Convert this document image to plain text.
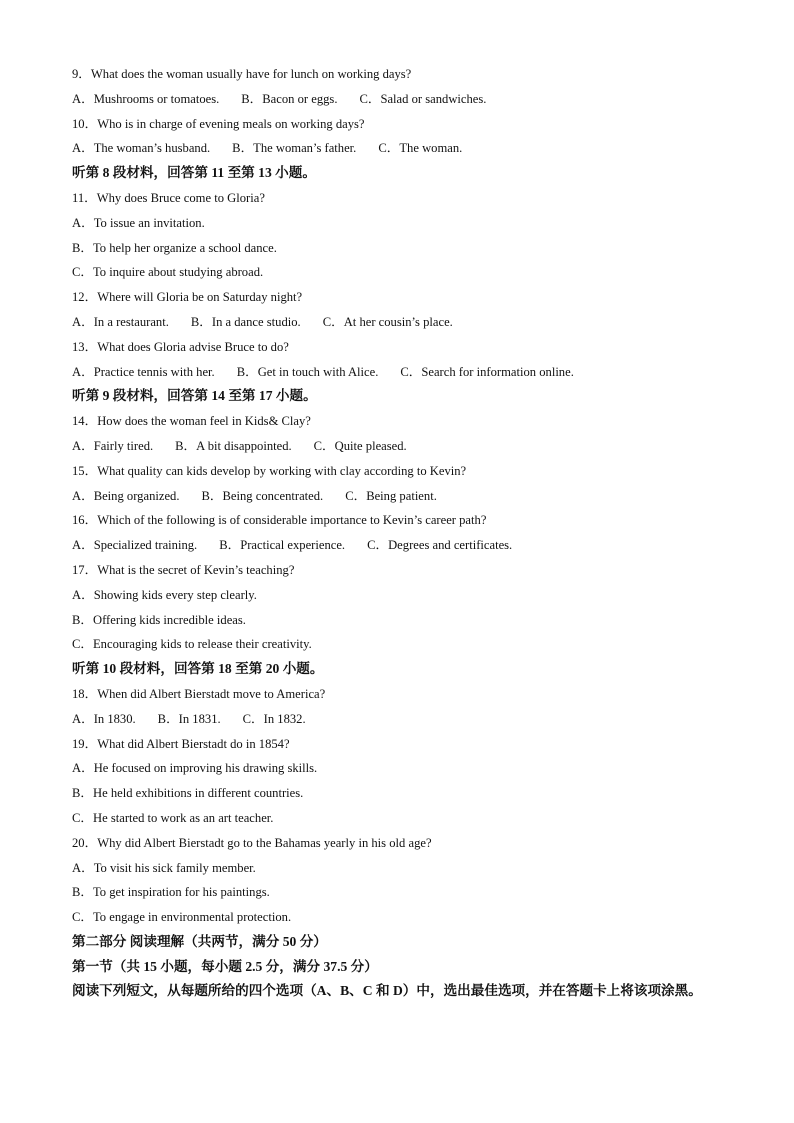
9．What does the woman usually have for lunch on working days?
A．Mushrooms or tomatoes. B．Bacon or eggs. C．Salad or sandwiches.
10．Who is in charge of evening meals on working days?
A．The woman’s husband. B．The woman’s father. C．The woman.
听第 8 段材料，回答第 11 至第 13 小题。
11．Why does Bruce come to Gloria?
A．To issue an invitation.
B．To help her organize a school dance.
C．To inquire about studying abroad.
12．Where will Gloria be on Saturday night?
A．In a restaurant. B．In a dance studio. C．At her cousin’s place.
13．What does Gloria advise Bruce to do?
A．Practice tennis with her. B．Get in touch with Alice. C．Search for information online.
听第 9 段材料，回答第 14 至第 17 小题。
14．How does the woman feel in Kids& Clay?
A．Fairly tired. B．A bit disappointed. C．Quite pleased.
15．What quality can kids develop by working with clay according to Kevin?
A．Being organized. B．Being concentrated. C．Being patient.
16．Which of the following is of considerable importance to Kevin’s career path?
A．Specialized training. B．Practical experience. C．Degrees and certificates.
17．What is the secret of Kevin’s teaching?
A．Showing kids every step clearly.
B．Offering kids incredible ideas.
C．Encouraging kids to release their creativity.
听第 10 段材料，回答第 18 至第 20 小题。
18．When did Albert Bierstadt move to America?
A．In 1830. B．In 1831. C．In 1832.
19．What did Albert Bierstadt do in 1854?
A．He focused on improving his drawing skills.
B．He held exhibitions in different countries.
C．He started to work as an art teacher.
20．Why did Albert Bierstadt go to the Bahamas yearly in his old age?
A．To visit his sick family member.
B．To get inspiration for his paintings.
C．To engage in environmental protection.
第二部分 阅读理解（共两节，满分 50 分）
第一节（共 15 小题，每小题 2.5 分，满分 37.5 分）
阅读下列短文，从每题所给的四个选项（A、B、C 和 D）中，选出最佳选项，并在答题卡上将该项涂黑。
